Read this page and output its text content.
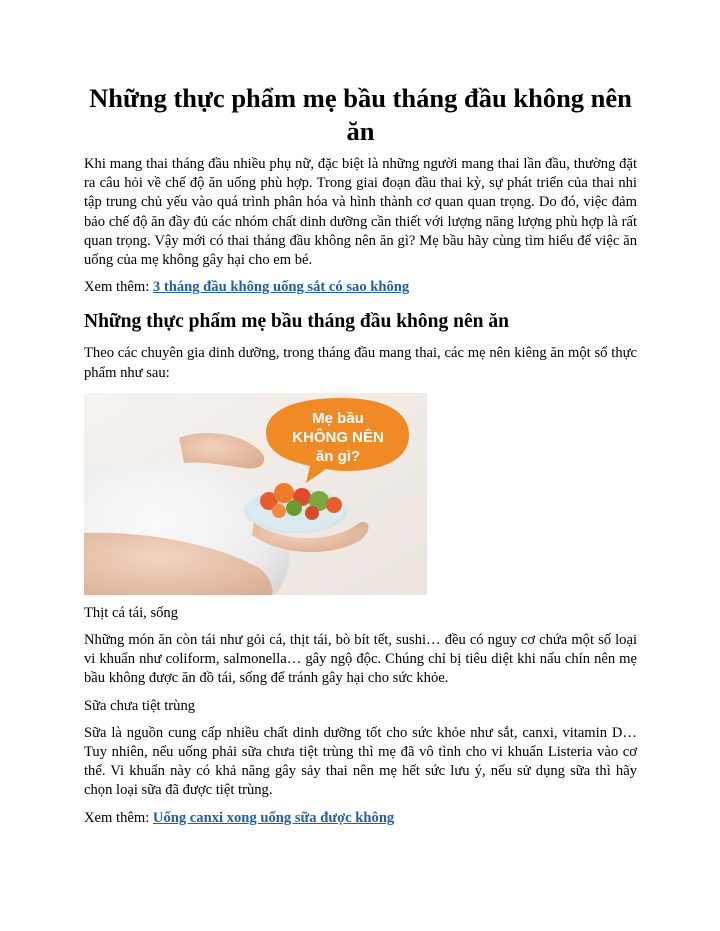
Những thực phẩm mẹ bầu tháng đầu không nên ăn

Khi mang thai tháng đầu nhiều phụ nữ, đặc biệt là những người mang thai lần đầu, thường đặt ra câu hỏi về chế độ ăn uống phù hợp. Trong giai đoạn đầu thai kỳ, sự phát triển của thai nhi tập trung chủ yếu vào quá trình phân hóa và hình thành cơ quan quan trọng. Do đó, việc đảm bảo chế độ ăn đầy đủ các nhóm chất dinh dưỡng cần thiết với lượng năng lượng phù hợp là rất quan trọng. Vậy mới có thai tháng đầu không nên ăn gì? Mẹ bầu hãy cùng tìm hiểu để việc ăn uống của mẹ không gây hại cho em bé.

Xem thêm: 3 tháng đầu không uống sắt có sao không
Những thực phẩm mẹ bầu tháng đầu không nên ăn

Theo các chuyên gia dinh dưỡng, trong tháng đầu mang thai, các mẹ nên kiêng ăn một số thực phẩm như sau:

Mẹ bầu
KHÔNG NÊN
ăn gì?

Thịt cá tái, sống

Những món ăn còn tái như gỏi cá, thịt tái, bò bít tết, sushi… đều có nguy cơ chứa một số loại vi khuẩn như coliform, salmonella… gây ngộ độc. Chúng chỉ bị tiêu diệt khi nấu chín nên mẹ bầu không được ăn đồ tái, sống để tránh gây hại cho sức khỏe.

Sữa chưa tiệt trùng

Sữa là nguồn cung cấp nhiều chất dinh dưỡng tốt cho sức khỏe như sắt, canxi, vitamin D… Tuy nhiên, nếu uống phải sữa chưa tiệt trùng thì mẹ đã vô tình cho vi khuẩn Listeria vào cơ thể. Vi khuẩn này có khả năng gây sảy thai nên mẹ hết sức lưu ý, nếu sử dụng sữa thì hãy chọn loại sữa đã được tiệt trùng.

Xem thêm: Uống canxi xong uống sữa được không
